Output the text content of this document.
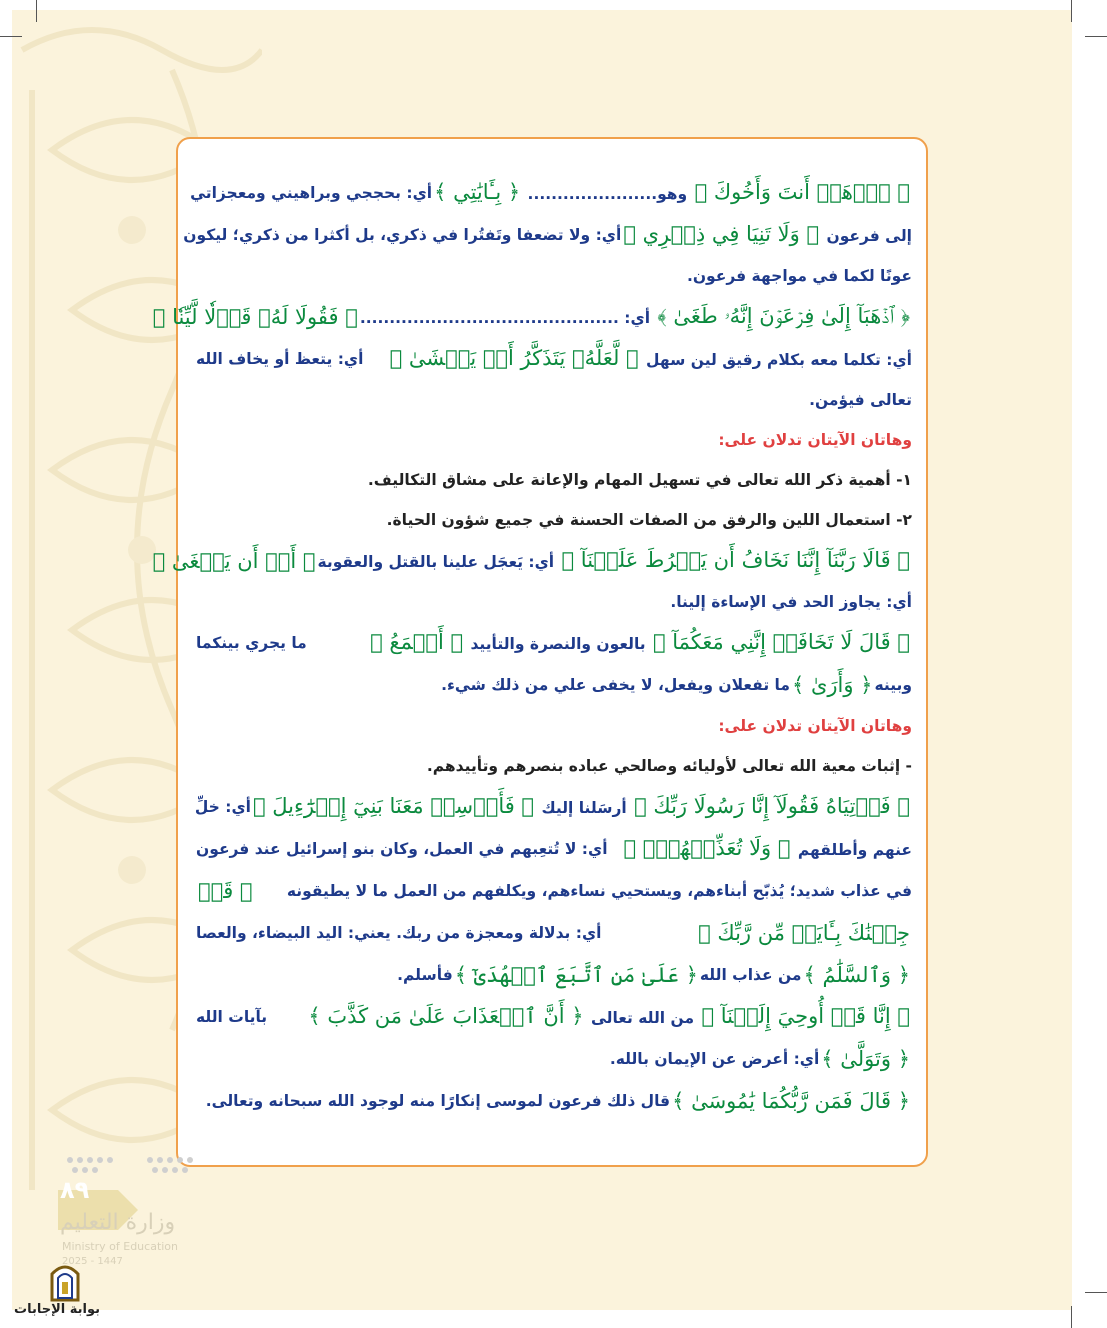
﴿ ٱذۡهَبۡ أَنتَ وَأَخُوكَ ﴾ وهو...................... ﴿ بِـَٔايَٰتِي ﴾
أي: بحججي وبراهيني ومعجزاتي
إلى فرعون ﴿ وَلَا تَنِيَا فِي ذِكۡرِي ﴾
أي: ولا تضعفا وتَفتُرا في ذكري، بل أكثرا من ذكري؛ ليكون
عونًا لكما في مواجهة فرعون.
﴿ ٱذۡهَبَآ إِلَىٰ فِرۡعَوۡنَ إِنَّهُۥ طَغَىٰ ﴾ أي: ............................................
﴿ فَقُولَا لَهُۥ قَوۡلٗا لَّيِّنٗا ﴾
أي: تكلما معه بكلام رقيق لين سهل ﴿ لَّعَلَّهُۥ يَتَذَكَّرُ أَوۡ يَخۡشَىٰ ﴾
أي: يتعظ أو يخاف الله
تعالى فيؤمن.
وهاتان الآيتان تدلان على:
١- أهمية ذكر الله تعالى في تسهيل المهام والإعانة على مشاق التكاليف.
٢- استعمال اللين والرفق من الصفات الحسنة في جميع شؤون الحياة.
﴿ قَالَا رَبَّنَآ إِنَّنَا نَخَافُ أَن يَفۡرُطَ عَلَيۡنَآ ﴾ أي: يَعجَل علينا بالقتل والعقوبة
﴿ أَوۡ أَن يَطۡغَىٰ ﴾
أي: يجاوز الحد في الإساءة إلينا.
﴿ قَالَ لَا تَخَافَآۖ إِنَّنِي مَعَكُمَآ ﴾ بالعون والنصرة والتأييد ﴿ أَسۡمَعُ ﴾
ما يجري بينكما
وبينه
﴿ وَأَرَىٰ ﴾
ما تفعلان ويفعل، لا يخفى علي من ذلك شيء.
وهاتان الآيتان تدلان على:
- إثبات معية الله تعالى لأوليائه وصالحي عباده بنصرهم وتأييدهم.
﴿ فَأۡتِيَاهُ فَقُولَآ إِنَّا رَسُولَا رَبِّكَ ﴾ أرسَلنا إليك ﴿ فَأَرۡسِلۡ مَعَنَا بَنِيٓ إِسۡرَٰٓءِيلَ ﴾
أي: خلِّ
عنهم وأطلقهم ﴿ وَلَا تُعَذِّبۡهُمۡۖ ﴾
أي: لا تُتعِبهم في العمل، وكان بنو إسرائيل عند فرعون
في عذاب شديد؛ يُذبّح أبناءهم، ويستحيي نساءهم، ويكلفهم من العمل ما لا يطيقونه
﴿ قَدۡ
جِئۡنَٰكَ بِـَٔايَةٖ مِّن رَّبِّكَ ﴾
أي: بدلالة ومعجزة من ربك. يعني: اليد البيضاء، والعصا
﴿ وَٱلسَّلَٰمُ ﴾
من عذاب الله
﴿ عَلَىٰ مَنِ ٱتَّبَعَ ٱلۡهُدَىٰٓ ﴾
فأسلم.
﴿ إِنَّا قَدۡ أُوحِيَ إِلَيۡنَآ ﴾ من الله تعالى ﴿ أَنَّ ٱلۡعَذَابَ عَلَىٰ مَن كَذَّبَ ﴾
بآيات الله
﴿ وَتَوَلَّىٰ ﴾
أي: أعرض عن الإيمان بالله.
﴿ قَالَ فَمَن رَّبُّكُمَا يَٰمُوسَىٰ ﴾
قال ذلك فرعون لموسى إنكارًا منه لوجود الله سبحانه وتعالى.
٨٩
وزارة التعليم
Ministry of Education
2025 - 1447
بوابة الإجابات
